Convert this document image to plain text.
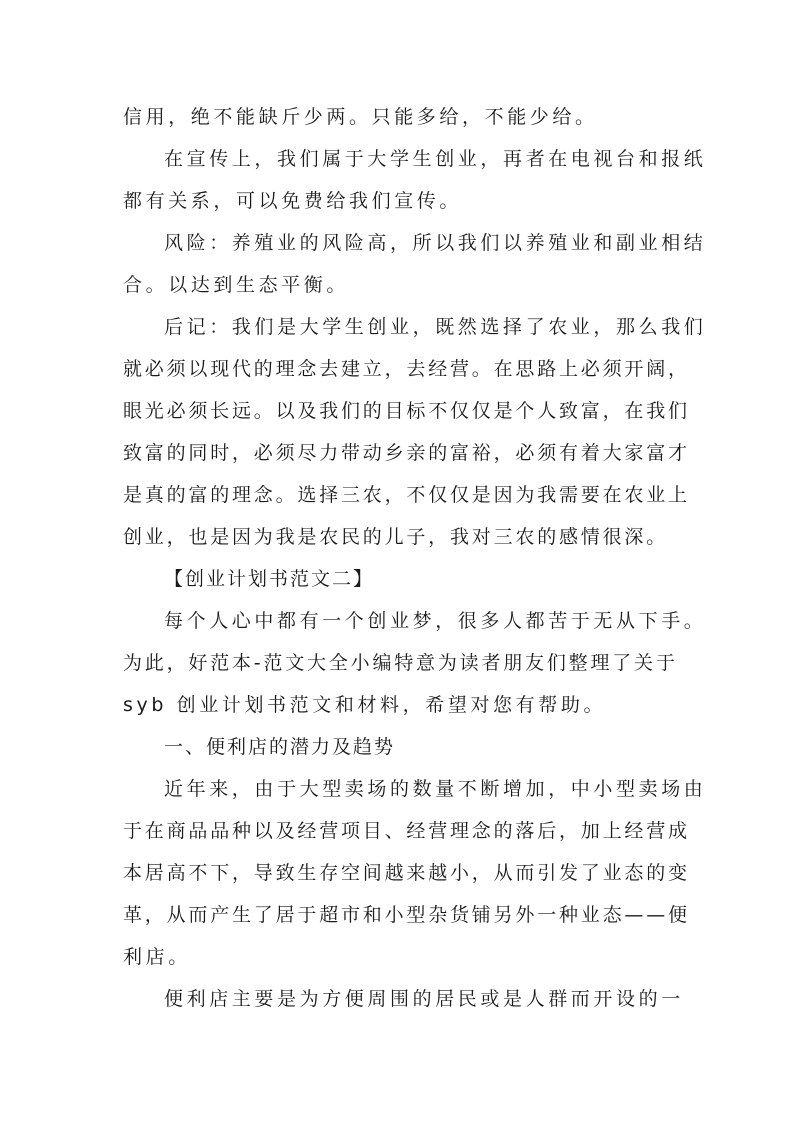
信用，绝不能缺斤少两。只能多给，不能少给。
在宣传上，我们属于大学生创业，再者在电视台和报纸
都有关系，可以免费给我们宣传。
风险：养殖业的风险高，所以我们以养殖业和副业相结
合。以达到生态平衡。
后记：我们是大学生创业，既然选择了农业，那么我们
就必须以现代的理念去建立，去经营。在思路上必须开阔，
眼光必须长远。以及我们的目标不仅仅是个人致富，在我们
致富的同时，必须尽力带动乡亲的富裕，必须有着大家富才
是真的富的理念。选择三农，不仅仅是因为我需要在农业上
创业，也是因为我是农民的儿子，我对三农的感情很深。
【创业计划书范文二】
每个人心中都有一个创业梦，很多人都苦于无从下手。
为此，好范本-范文大全小编特意为读者朋友们整理了关于
syb 创业计划书范文和材料，希望对您有帮助。
一、便利店的潜力及趋势
近年来，由于大型卖场的数量不断增加，中小型卖场由
于在商品品种以及经营项目、经营理念的落后，加上经营成
本居高不下，导致生存空间越来越小，从而引发了业态的变
革，从而产生了居于超市和小型杂货铺另外一种业态——便
利店。
便利店主要是为方便周围的居民或是人群而开设的一
